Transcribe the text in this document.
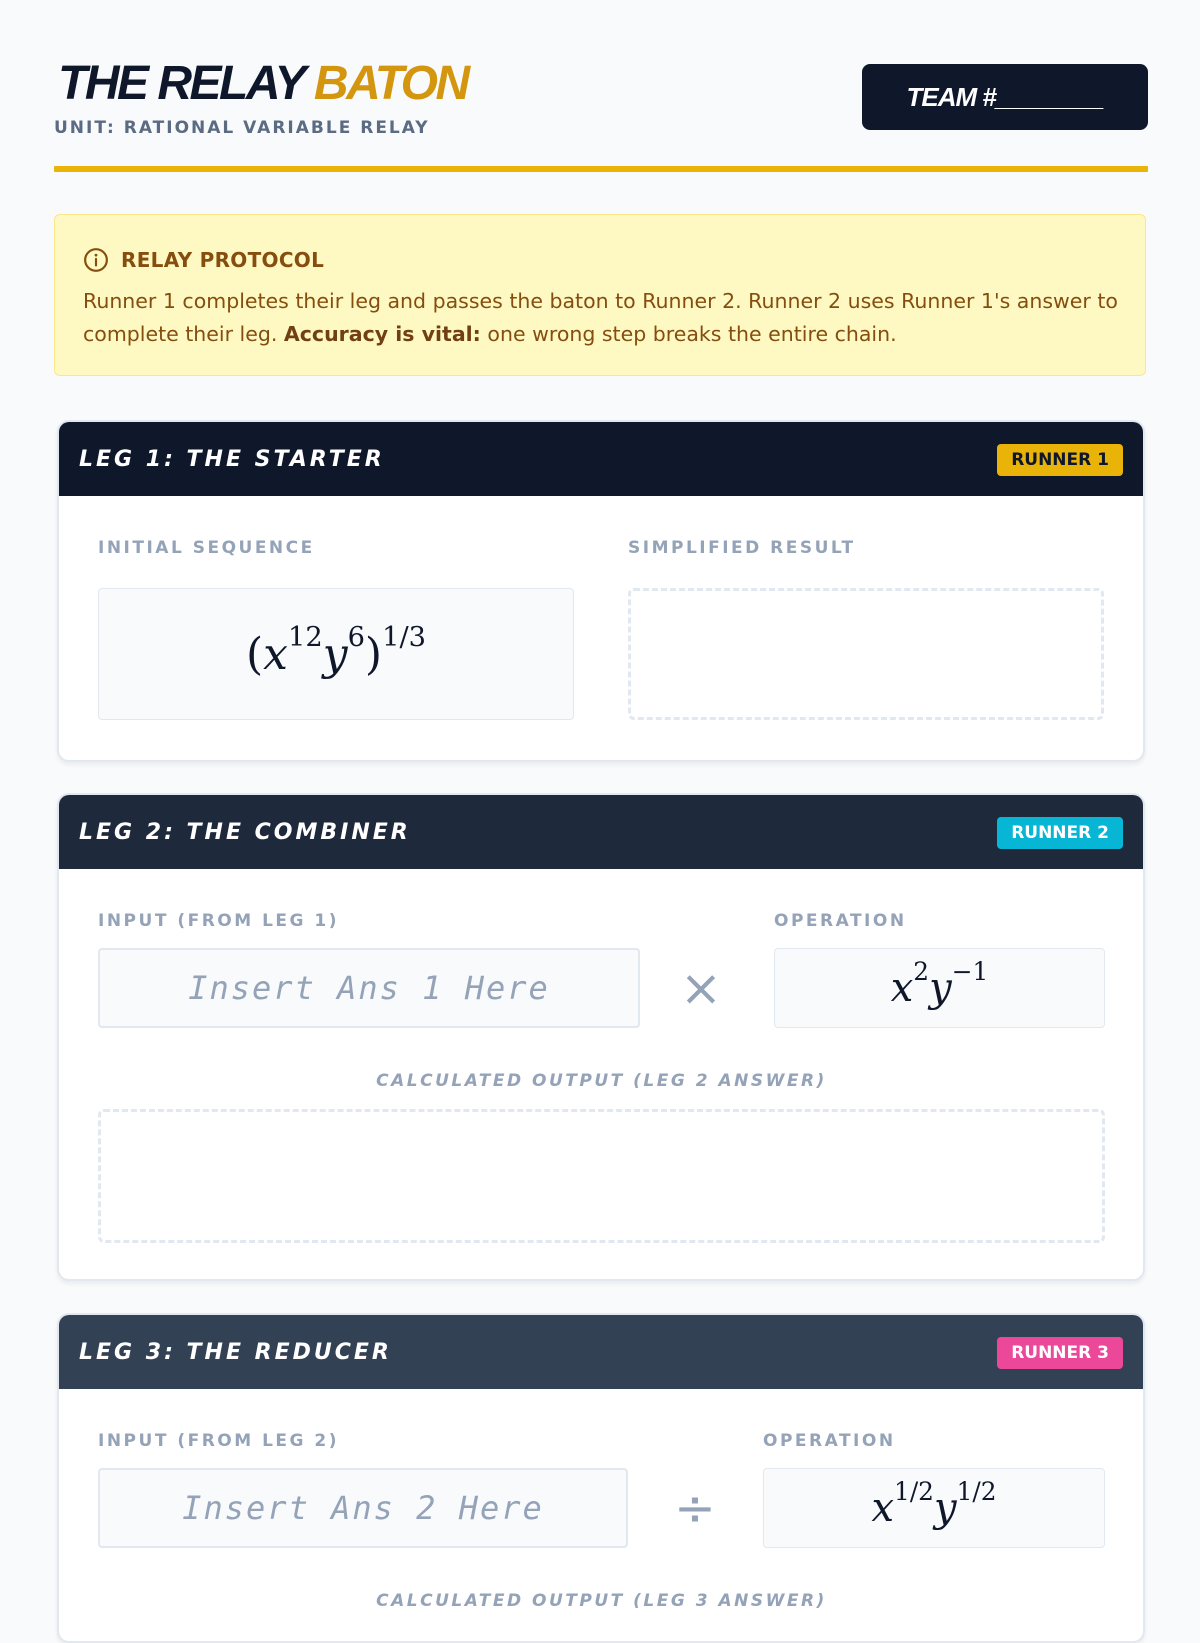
THE RELAY BATON
UNIT: RATIONAL VARIABLE RELAY
TEAM #________
RELAY PROTOCOL
Runner 1 completes their leg and passes the baton to Runner 2. Runner 2 uses Runner 1's answer to complete their leg. Accuracy is vital: one wrong step breaks the entire chain.
LEG 1: THE STARTER	RUNNER 1
INITIAL SEQUENCE	SIMPLIFIED RESULT
$(x^{12}y^6)^{1/3}$
LEG 2: THE COMBINER	RUNNER 2
INPUT (FROM LEG 1)	OPERATION
Insert Ans 1 Here
×	$x^2y^{-1}$
CALCULATED OUTPUT (LEG 2 ANSWER)
LEG 3: THE REDUCER	RUNNER 3
INPUT (FROM LEG 2)	OPERATION
Insert Ans 2 Here
÷	$x^{1/2}y^{1/2}$
CALCULATED OUTPUT (LEG 3 ANSWER)
